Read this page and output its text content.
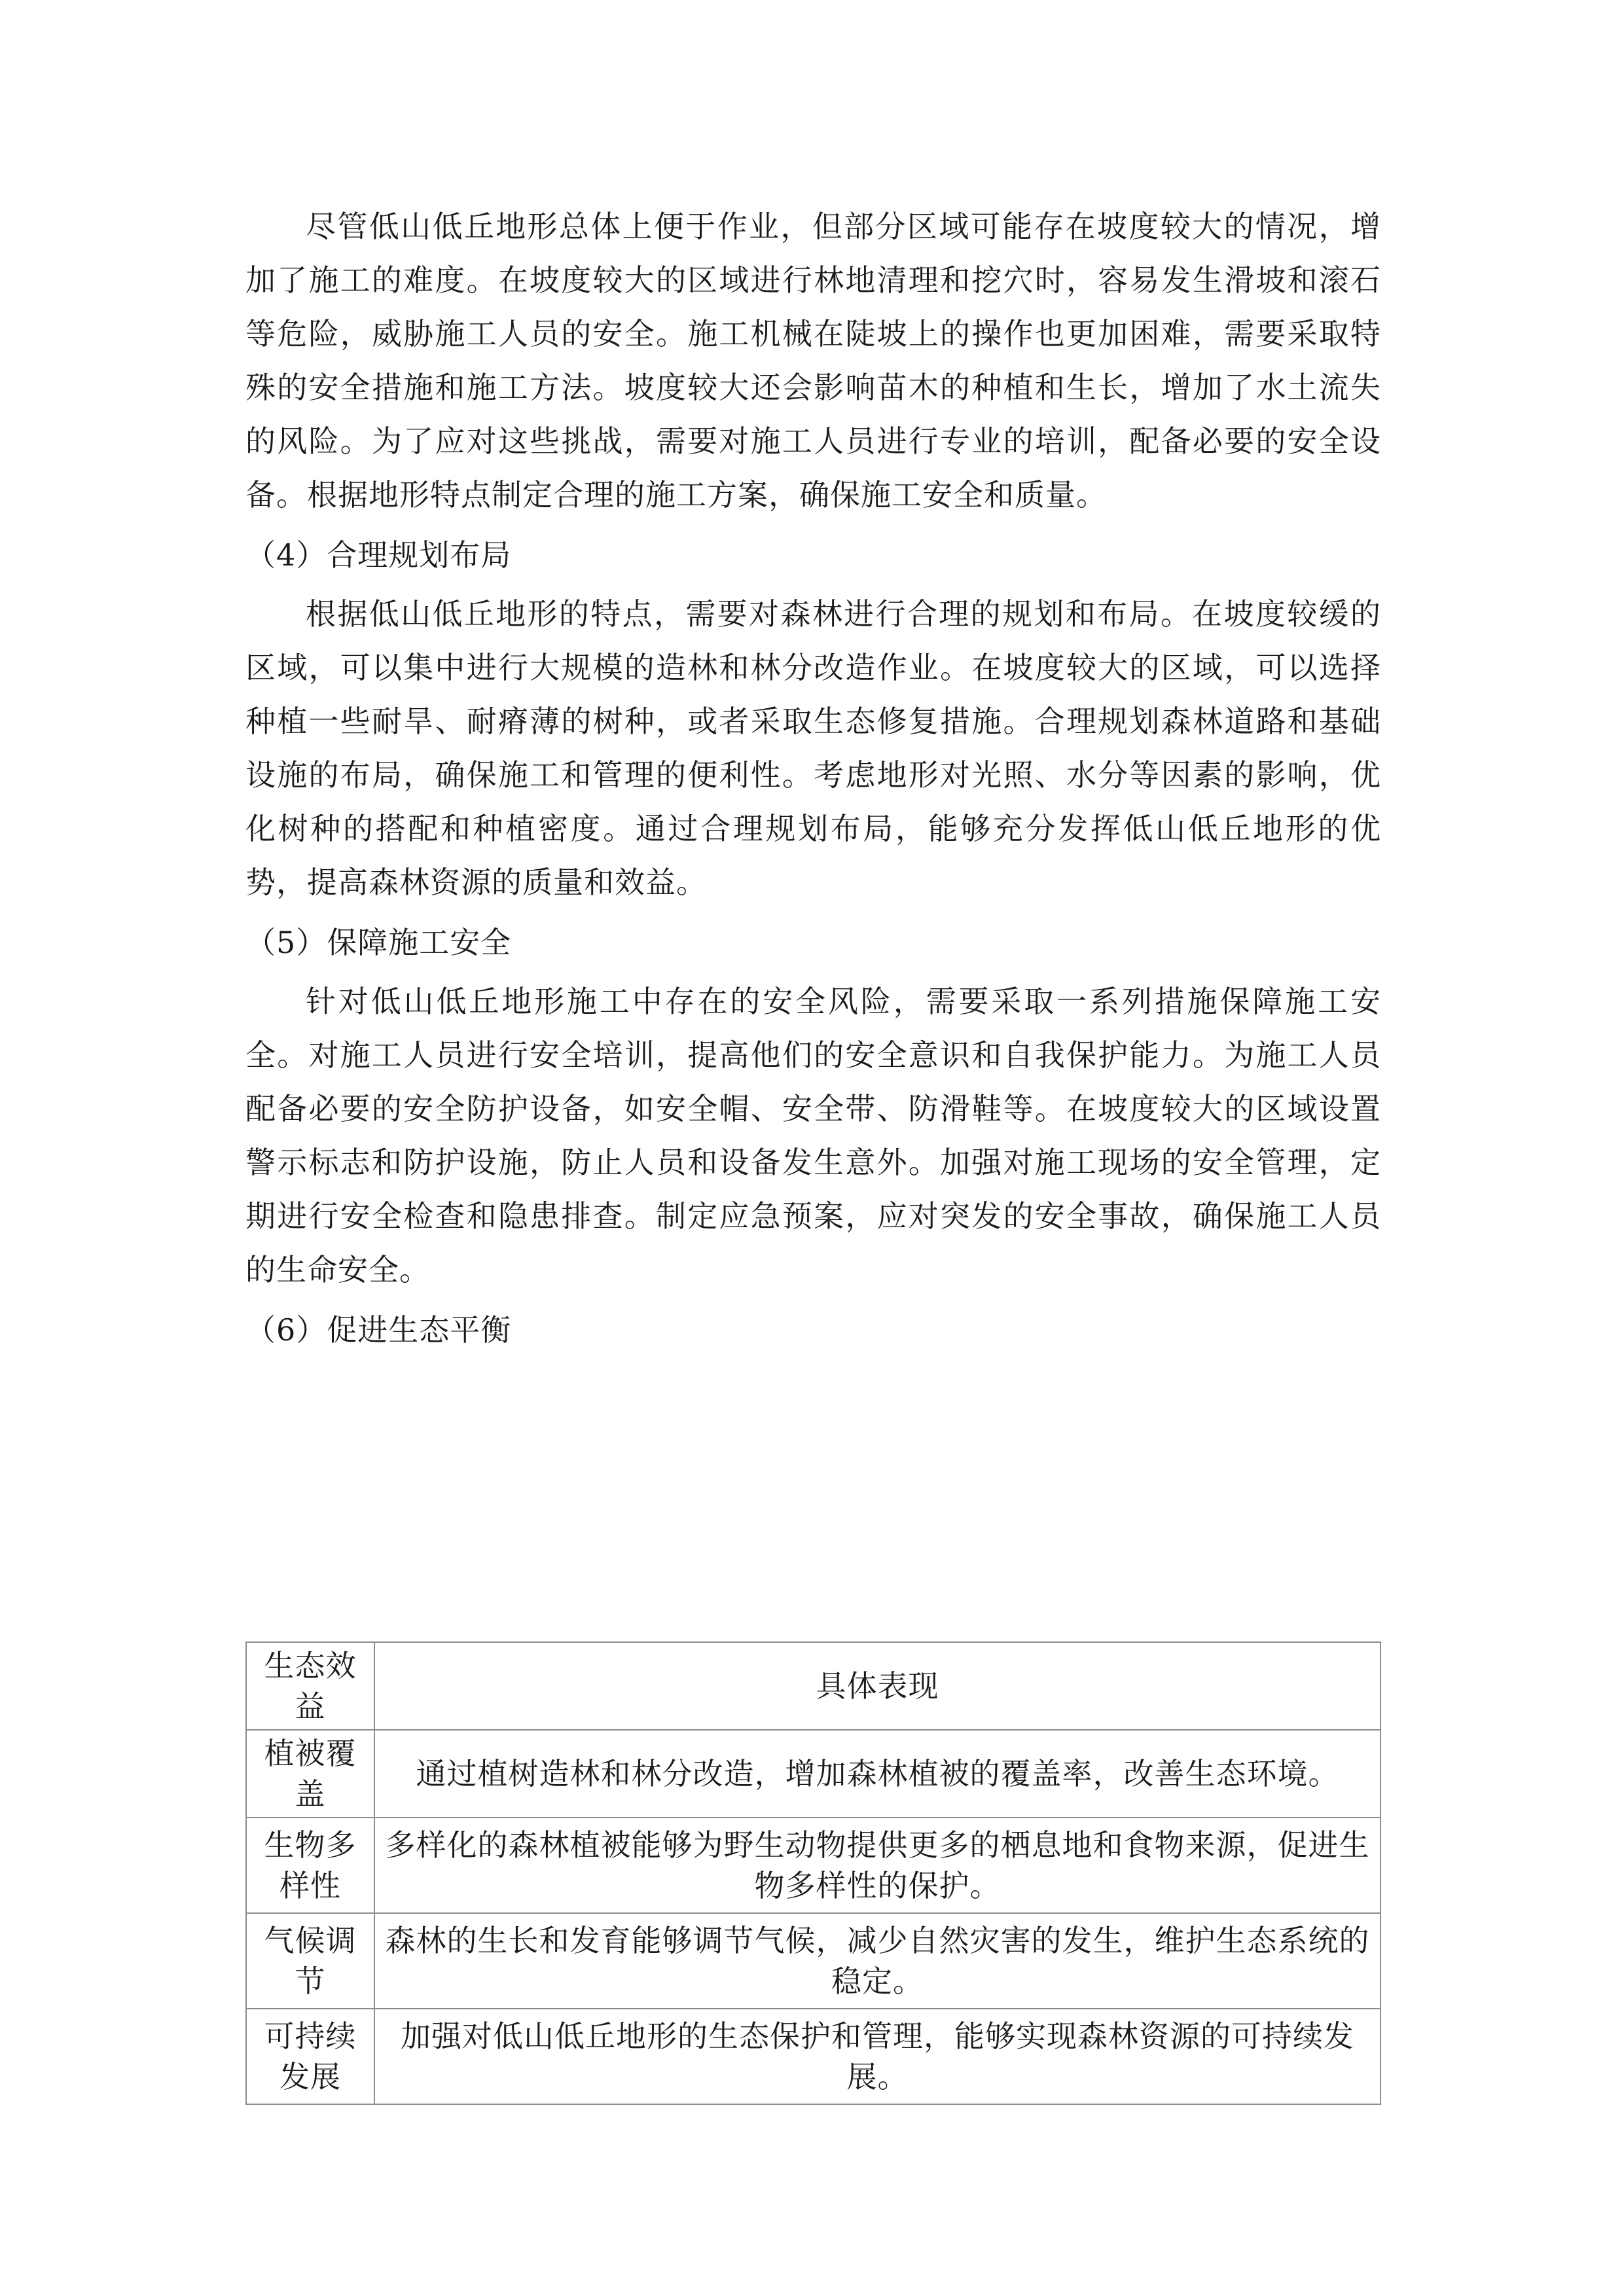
尽管低山低丘地形总体上便于作业，但部分区域可能存在坡度较大的情况，增加了施工的难度。在坡度较大的区域进行林地清理和挖穴时，容易发生滑坡和滚石等危险，威胁施工人员的安全。施工机械在陡坡上的操作也更加困难，需要采取特殊的安全措施和施工方法。坡度较大还会影响苗木的种植和生长，增加了水土流失的风险。为了应对这些挑战，需要对施工人员进行专业的培训，配备必要的安全设备。根据地形特点制定合理的施工方案，确保施工安全和质量。

（4）合理规划布局

根据低山低丘地形的特点，需要对森林进行合理的规划和布局。在坡度较缓的区域，可以集中进行大规模的造林和林分改造作业。在坡度较大的区域，可以选择种植一些耐旱、耐瘠薄的树种，或者采取生态修复措施。合理规划森林道路和基础设施的布局，确保施工和管理的便利性。考虑地形对光照、水分等因素的影响，优化树种的搭配和种植密度。通过合理规划布局，能够充分发挥低山低丘地形的优势，提高森林资源的质量和效益。

（5）保障施工安全

针对低山低丘地形施工中存在的安全风险，需要采取一系列措施保障施工安全。对施工人员进行安全培训，提高他们的安全意识和自我保护能力。为施工人员配备必要的安全防护设备，如安全帽、安全带、防滑鞋等。在坡度较大的区域设置警示标志和防护设施，防止人员和设备发生意外。加强对施工现场的安全管理，定期进行安全检查和隐患排查。制定应急预案，应对突发的安全事故，确保施工人员的生命安全。

（6）促进生态平衡
生态效益	具体表现
植被覆盖	通过植树造林和林分改造，增加森林植被的覆盖率，改善生态环境。
生物多样性	多样化的森林植被能够为野生动物提供更多的栖息地和食物来源，促进生物多样性的保护。
气候调节	森林的生长和发育能够调节气候，减少自然灾害的发生，维护生态系统的稳定。
可持续发展	加强对低山低丘地形的生态保护和管理，能够实现森林资源的可持续发展。
